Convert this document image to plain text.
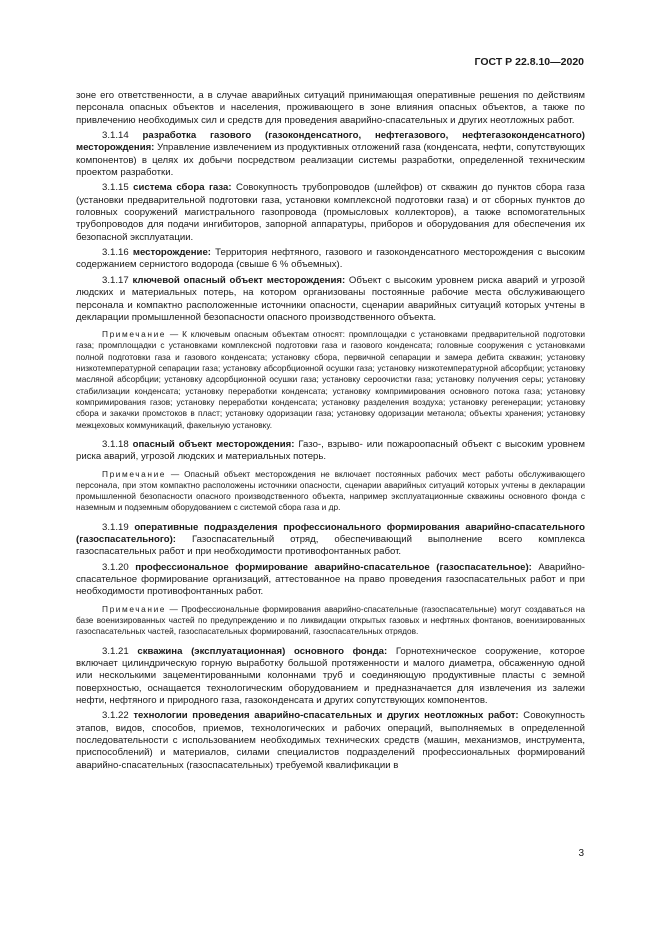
ГОСТ Р 22.8.10—2020

зоне его ответственности, а в случае аварийных ситуаций принимающая оперативные решения по действиям персонала опасных объектов и населения, проживающего в зоне влияния опасных объектов, а также по привлечению необходимых сил и средств для проведения аварийно-спасательных и других неотложных работ.

3.1.14 разработка газового (газоконденсатного, нефтегазового, нефтегазоконденсатного) месторождения: Управление извлечением из продуктивных отложений газа (конденсата, нефти, сопутствующих компонентов) в целях их добычи посредством реализации системы разработки, определенной техническим проектом разработки.

3.1.15 система сбора газа: Совокупность трубопроводов (шлейфов) от скважин до пунктов сбора газа (установки предварительной подготовки газа, установки комплексной подготовки газа) и от сборных пунктов до головных сооружений магистрального газопровода (промысловых коллекторов), а также вспомогательных трубопроводов для подачи ингибиторов, запорной аппаратуры, приборов и оборудования для обеспечения их безопасной эксплуатации.

3.1.16 месторождение: Территория нефтяного, газового и газоконденсатного месторождения с высоким содержанием сернистого водорода (свыше 6 % объемных).

3.1.17 ключевой опасный объект месторождения: Объект с высоким уровнем риска аварий и угрозой людских и материальных потерь, на котором организованы постоянные рабочие места обслуживающего персонала и компактно расположенные источники опасности, сценарии аварийных ситуаций которых учтены в декларации промышленной безопасности опасного производственного объекта.

Примечание — К ключевым опасным объектам относят: промплощадки с установками предварительной подготовки газа; промплощадки с установками комплексной подготовки газа и газового конденсата; головные сооружения с установками полной подготовки газа и газового конденсата; установку сбора, первичной сепарации и замера дебита скважин; установку низкотемпературной сепарации газа; установку абсорбционной осушки газа; установку низкотемпературной абсорбции; установку масляной абсорбции; установку адсорбционной осушки газа; установку сероочистки газа; установку получения серы; установку стабилизации конденсата; установку переработки конденсата; установку компримирования основного потока газа; установку компримирования газов; установку переработки конденсата; установку разделения воздуха; установку регенерации; установку сбора и закачки промстоков в пласт; установку одоризации газа; установку одоризации метанола; объекты хранения; установку межцеховых коммуникаций, факельную установку.

3.1.18 опасный объект месторождения: Газо-, взрыво- или пожароопасный объект с высоким уровнем риска аварий, угрозой людских и материальных потерь.

Примечание — Опасный объект месторождения не включает постоянных рабочих мест работы обслуживающего персонала, при этом компактно расположены источники опасности, сценарии аварийных ситуаций которых учтены в декларации промышленной безопасности опасного производственного объекта, например эксплуатационные скважины основного фонда с наземным и подземным оборудованием с системой сбора газа и др.

3.1.19 оперативные подразделения профессионального формирования аварийно-спасательного (газоспасательного): Газоспасательный отряд, обеспечивающий выполнение всего комплекса газоспасательных работ и при необходимости противофонтанных работ.

3.1.20 профессиональное формирование аварийно-спасательное (газоспасательное): Аварийно-спасательное формирование организаций, аттестованное на право проведения газоспасательных работ и при необходимости противофонтанных работ.

Примечание — Профессиональные формирования аварийно-спасательные (газоспасательные) могут создаваться на базе военизированных частей по предупреждению и по ликвидации открытых газовых и нефтяных фонтанов, военизированных газоспасательных частей, газоспасательных формирований, газоспасательных отрядов.

3.1.21 скважина (эксплуатационная) основного фонда: Горнотехническое сооружение, которое включает цилиндрическую горную выработку большой протяженности и малого диаметра, обсаженную одной или несколькими зацементированными колоннами труб и соединяющую продуктивные пласты с земной поверхностью, оснащается технологическим оборудованием и предназначается для извлечения из залежи нефти, нефтяного и природного газа, газоконденсата и других сопутствующих компонентов.

3.1.22 технологии проведения аварийно-спасательных и других неотложных работ: Совокупность этапов, видов, способов, приемов, технологических и рабочих операций, выполняемых в определенной последовательности с использованием необходимых технических средств (машин, механизмов, инструмента, приспособлений) и материалов, силами специалистов подразделений профессиональных формирований аварийно-спасательных (газоспасательных) требуемой квалификации в

3
